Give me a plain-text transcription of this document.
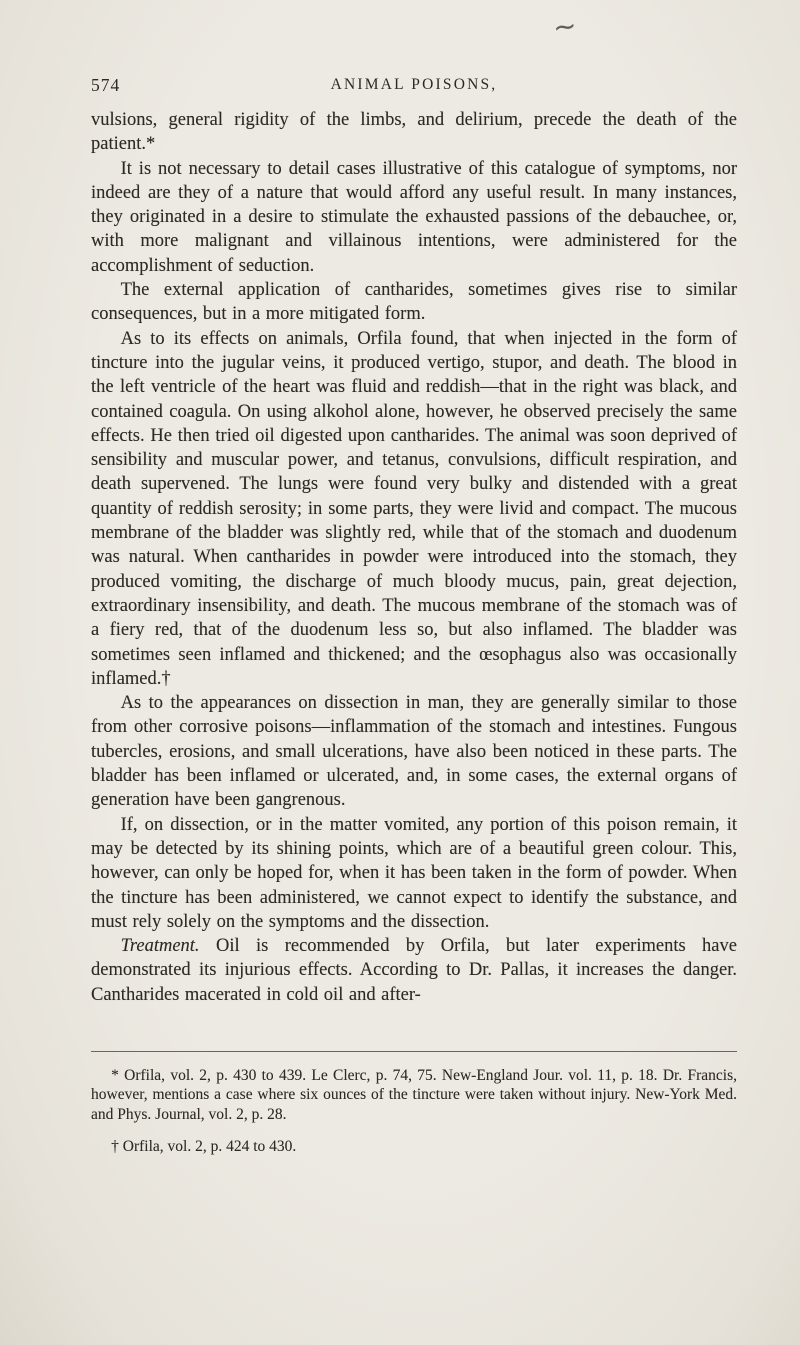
~
574	ANIMAL POISONS,

vulsions, general rigidity of the limbs, and delirium, precede the death of the patient.*

It is not necessary to detail cases illustrative of this catalogue of symptoms, nor indeed are they of a nature that would afford any useful result. In many instances, they originated in a desire to stimulate the exhausted passions of the debauchee, or, with more malignant and villainous intentions, were administered for the accomplishment of seduction.

The external application of cantharides, sometimes gives rise to similar consequences, but in a more mitigated form.

As to its effects on animals, Orfila found, that when injected in the form of tincture into the jugular veins, it produced vertigo, stupor, and death. The blood in the left ventricle of the heart was fluid and reddish—that in the right was black, and contained coagula. On using alkohol alone, however, he observed precisely the same effects. He then tried oil digested upon cantharides. The animal was soon deprived of sensibility and muscular power, and tetanus, convulsions, difficult respiration, and death supervened. The lungs were found very bulky and distended with a great quantity of reddish serosity; in some parts, they were livid and compact. The mucous membrane of the bladder was slightly red, while that of the stomach and duodenum was natural. When cantharides in powder were introduced into the stomach, they produced vomiting, the discharge of much bloody mucus, pain, great dejection, extraordinary insensibility, and death. The mucous membrane of the stomach was of a fiery red, that of the duodenum less so, but also inflamed. The bladder was sometimes seen inflamed and thickened; and the œsophagus also was occasionally inflamed.†

As to the appearances on dissection in man, they are generally similar to those from other corrosive poisons—inflammation of the stomach and intestines. Fungous tubercles, erosions, and small ulcerations, have also been noticed in these parts. The bladder has been inflamed or ulcerated, and, in some cases, the external organs of generation have been gangrenous.

If, on dissection, or in the matter vomited, any portion of this poison remain, it may be detected by its shining points, which are of a beautiful green colour. This, however, can only be hoped for, when it has been taken in the form of powder. When the tincture has been administered, we cannot expect to identify the substance, and must rely solely on the symptoms and the dissection.

Treatment. Oil is recommended by Orfila, but later experiments have demonstrated its injurious effects. According to Dr. Pallas, it increases the danger. Cantharides macerated in cold oil and after-

* Orfila, vol. 2, p. 430 to 439. Le Clerc, p. 74, 75. New-England Jour. vol. 11, p. 18. Dr. Francis, however, mentions a case where six ounces of the tincture were taken without injury. New-York Med. and Phys. Journal, vol. 2, p. 28.

† Orfila, vol. 2, p. 424 to 430.
